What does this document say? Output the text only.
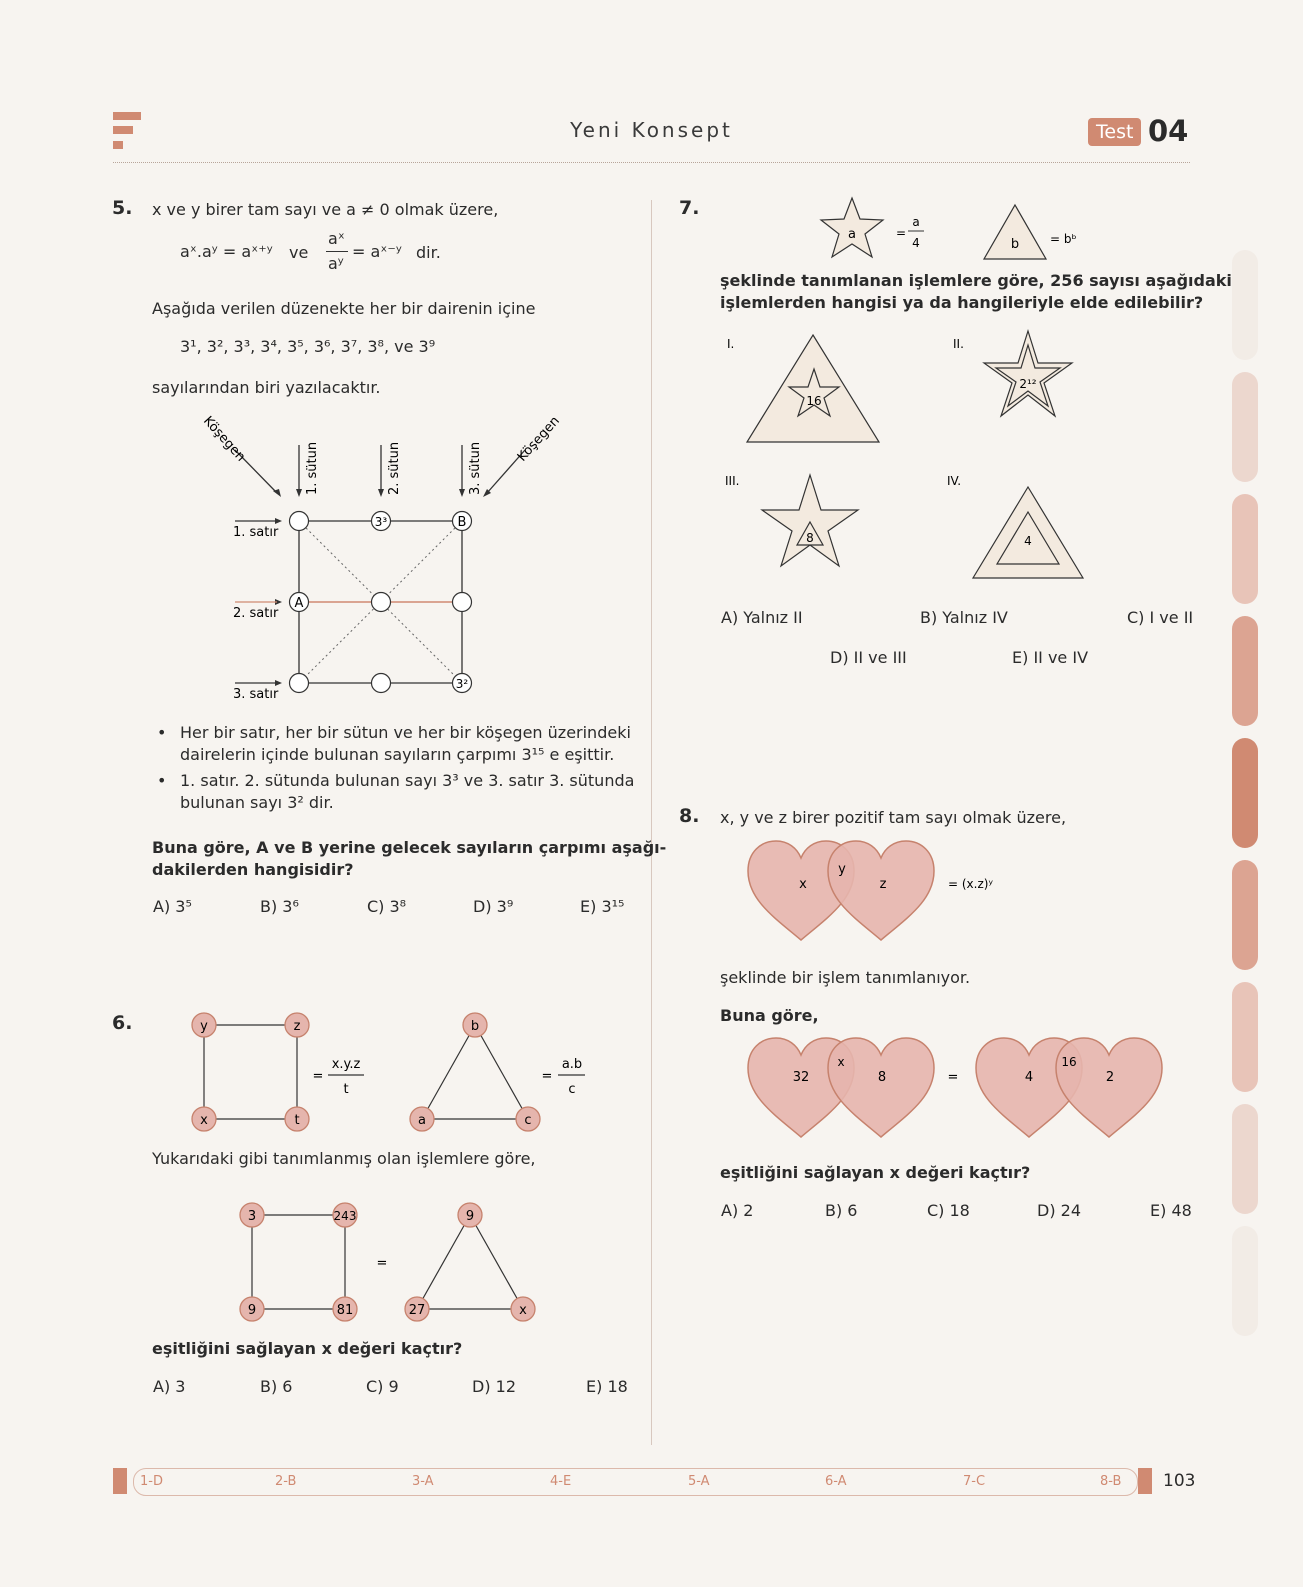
Yeni Konsept	Test 04
5. x ve y birer tam sayı ve a ≠ 0 olmak üzere,
aˣ.aʸ = aˣ⁺ʸ ve
aˣ
aʸ
= aˣ⁻ʸ dir.
Aşağıda verilen düzenekte her bir dairenin içine
3¹, 3², 3³, 3⁴, 3⁵, 3⁶, 3⁷, 3⁸, ve 3⁹
sayılarından biri yazılacaktır.
3³	B
A
3²
1. satır
2. satır
3. satır
1. sütun	2. sütun	3. sütun
Köşegen	Köşegen
• Her bir satır, her bir sütun ve her bir köşegen üzerindeki
dairelerin içinde bulunan sayıların çarpımı 3¹⁵ e eşittir.
• 1. satır. 2. sütunda bulunan sayı 3³ ve 3. satır 3. sütunda
bulunan sayı 3² dir.
Buna göre, A ve B yerine gelecek sayıların çarpımı aşağı-
dakilerden hangisidir?
A) 3⁵	B) 3⁶	C) 3⁸	D) 3⁹	E) 3¹⁵
6.	y	z
x	t
=
x.y.z
t
b
a	c
=
a.b
c
Yukarıdaki gibi tanımlanmış olan işlemlere göre,
3	243
9	81
=
9
27	x
eşitliğini sağlayan x değeri kaçtır?
A) 3	B) 6	C) 9	D) 12	E) 18
7.
a	=
a
4	b	= bᵇ
şeklinde tanımlanan işlemlere göre, 256 sayısı aşağıdaki
işlemlerden hangisi ya da hangileriyle elde edilebilir?
I.	II.
III.	IV.
16
2¹²
8	4
A) Yalnız II	B) Yalnız IV	C) I ve II
D) II ve III	E) II ve IV
8. x, y ve z birer pozitif tam sayı olmak üzere,
x
y
z	= (x.z)ʸ
şeklinde bir işlem tanımlanıyor.
Buna göre,
32
x
8	=	4
16
2
eşitliğini sağlayan x değeri kaçtır?
A) 2	B) 6	C) 18	D) 24	E) 48
1-D	2-B	3-A	4-E	5-A	6-A	7-C	8-B 103
